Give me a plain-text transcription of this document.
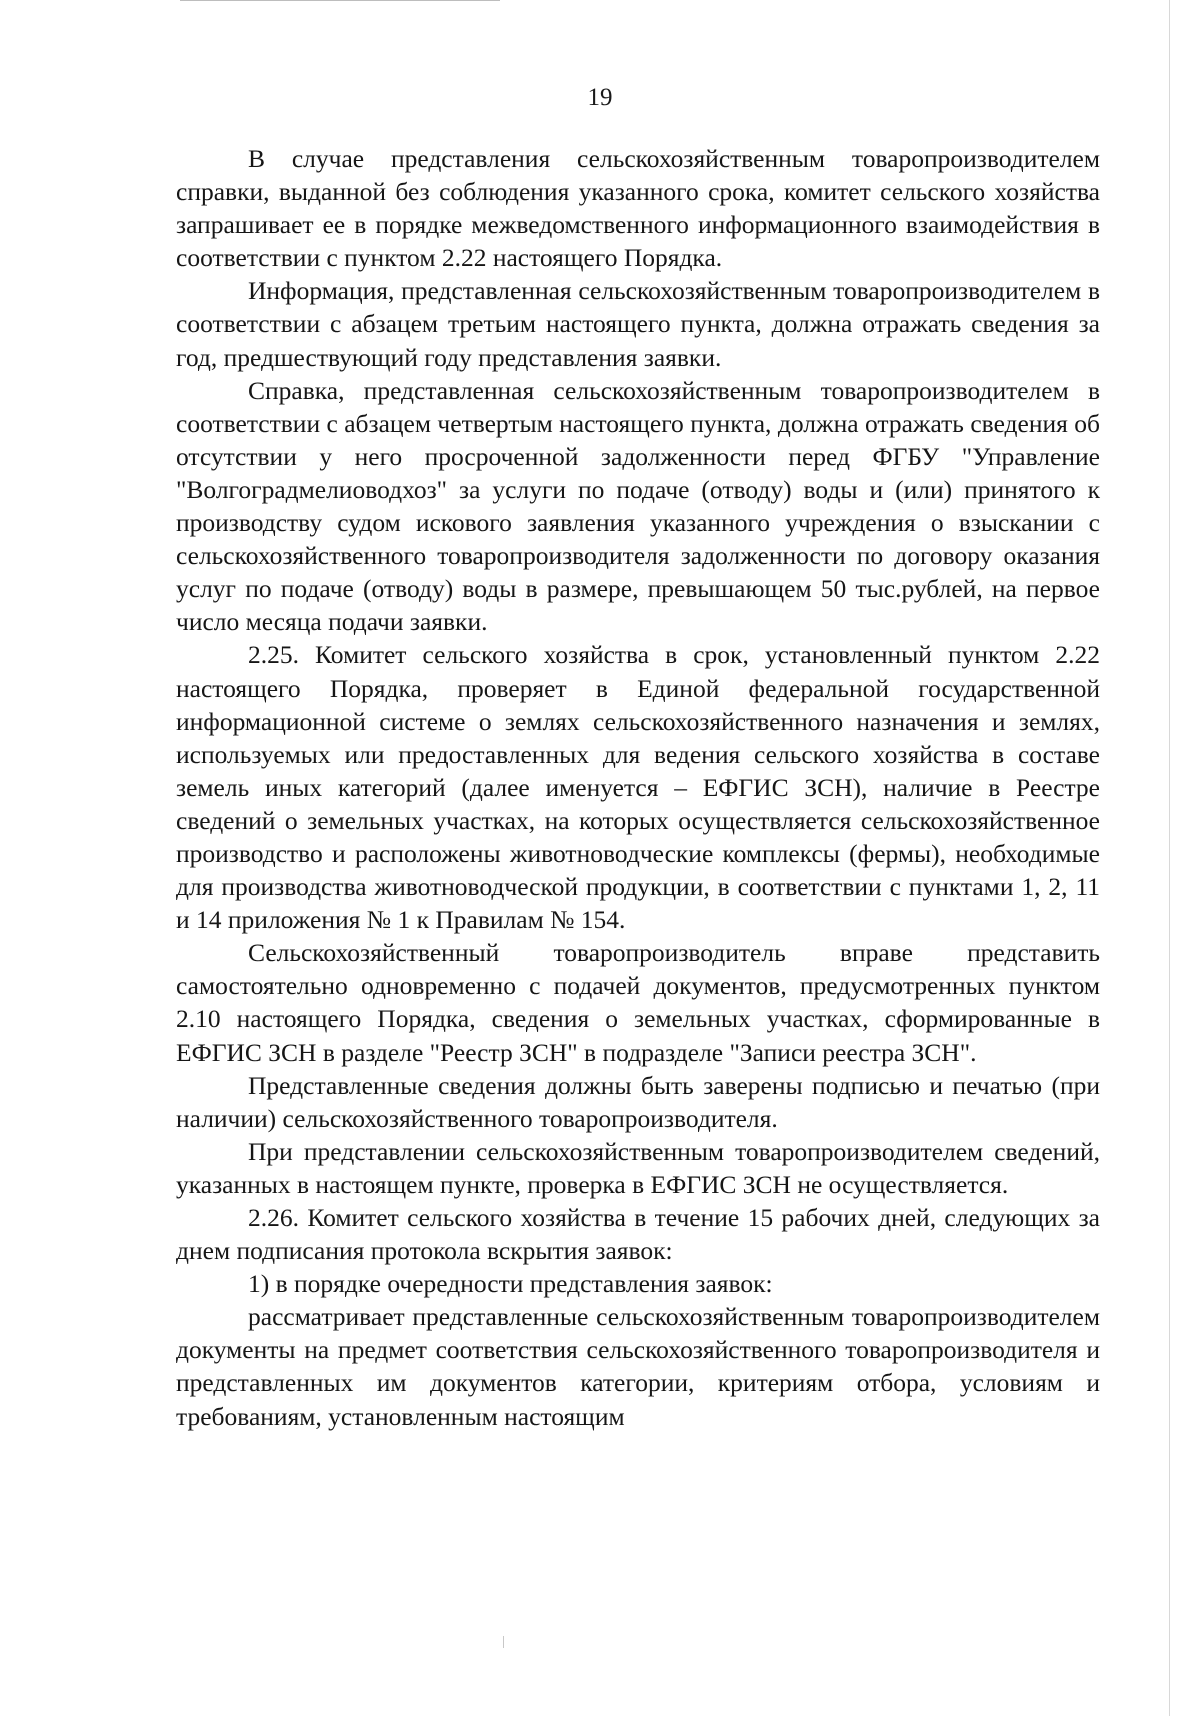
19

В случае представления сельскохозяйственным товаропроизводителем справки, выданной без соблюдения указанного срока, комитет сельского хозяйства запрашивает ее в порядке межведомственного информационного взаимодействия в соответствии с пунктом 2.22 настоящего Порядка.

Информация, представленная сельскохозяйственным товаропроизводителем в соответствии с абзацем третьим настоящего пункта, должна отражать сведения за год, предшествующий году представления заявки.

Справка, представленная сельскохозяйственным товаропроизводителем в соответствии с абзацем четвертым настоящего пункта, должна отражать сведения об отсутствии у него просроченной задолженности перед ФГБУ "Управление "Волгоградмелиоводхоз" за услуги по подаче (отводу) воды и (или) принятого к производству судом искового заявления указанного учреждения о взыскании с сельскохозяйственного товаропроизводителя задолженности по договору оказания услуг по подаче (отводу) воды в размере, превышающем 50 тыс.рублей, на первое число месяца подачи заявки.

2.25. Комитет сельского хозяйства в срок, установленный пунктом 2.22 настоящего Порядка, проверяет в Единой федеральной государственной информационной системе о землях сельскохозяйственного назначения и землях, используемых или предоставленных для ведения сельского хозяйства в составе земель иных категорий (далее именуется – ЕФГИС ЗСН), наличие в Реестре сведений о земельных участках, на которых осуществляется сельскохозяйственное производство и расположены животноводческие комплексы (фермы), необходимые для производства животноводческой продукции, в соответствии с пунктами 1, 2, 11 и 14 приложения № 1 к Правилам № 154.

Сельскохозяйственный товаропроизводитель вправе представить самостоятельно одновременно с подачей документов, предусмотренных пунктом 2.10 настоящего Порядка, сведения о земельных участках, сформированные в ЕФГИС ЗСН в разделе "Реестр ЗСН" в подразделе "Записи реестра ЗСН".

Представленные сведения должны быть заверены подписью и печатью (при наличии) сельскохозяйственного товаропроизводителя.

При представлении сельскохозяйственным товаропроизводителем сведений, указанных в настоящем пункте, проверка в ЕФГИС ЗСН не осуществляется.

2.26. Комитет сельского хозяйства в течение 15 рабочих дней, следующих за днем подписания протокола вскрытия заявок:

1) в порядке очередности представления заявок:

рассматривает представленные сельскохозяйственным товаропроизводителем документы на предмет соответствия сельскохозяйственного товаропроизводителя и представленных им документов категории, критериям отбора, условиям и требованиям, установленным настоящим
